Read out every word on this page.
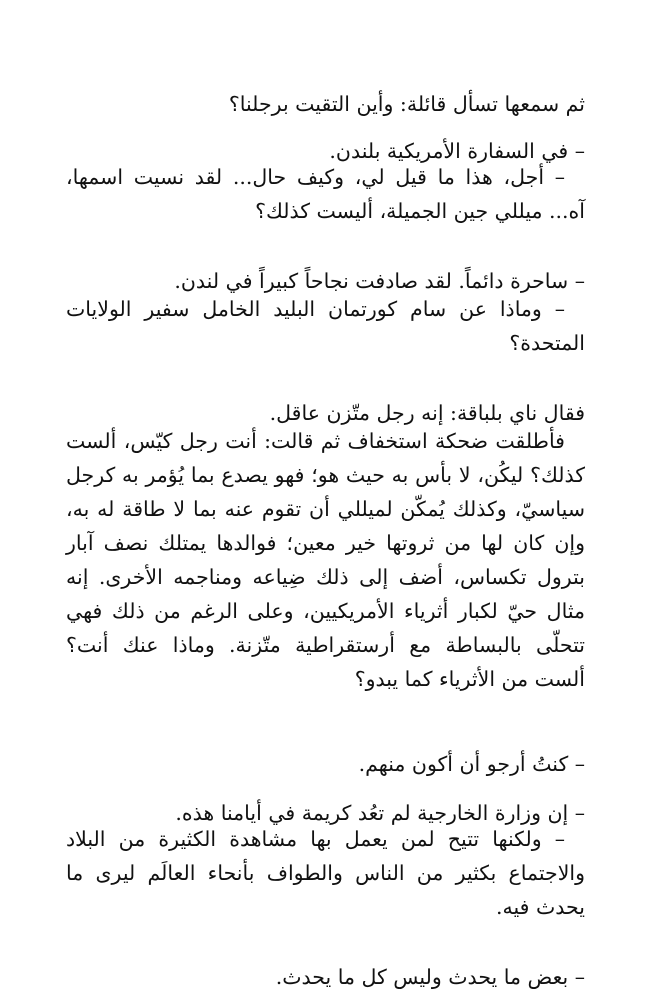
ثم سمعها تسأل قائلة: وأين التقيت برجلنا؟

– في السفارة الأمريكية بلندن.

– أجل، هذا ما قيل لي، وكيف حال... لقد نسيت اسمها، آه... ميللي جين الجميلة، أليست كذلك؟

– ساحرة دائماً. لقد صادفت نجاحاً كبيراً في لندن.

– وماذا عن سام كورتمان البليد الخامل سفير الولايات المتحدة؟

فقال ناي بلباقة: إنه رجل متّزن عاقل.

فأطلقت ضحكة استخفاف ثم قالت: أنت رجل كيّس، ألست كذلك؟ ليكُن، لا بأس به حيث هو؛ فهو يصدع بما يُؤمر به كرجل سياسيّ، وكذلك يُمكّن لميللي أن تقوم عنه بما لا طاقة له به، وإن كان لها من ثروتها خير معين؛ فوالدها يمتلك نصف آبار بترول تكساس، أضف إلى ذلك ضِياعه ومناجمه الأخرى. إنه مثال حيّ لكبار أثرياء الأمريكيين، وعلى الرغم من ذلك فهي تتحلّى بالبساطة مع أرستقراطية متّزنة. وماذا عنك أنت؟ ألست من الأثرياء كما يبدو؟

– كنتُ أرجو أن أكون منهم.

– إن وزارة الخارجية لم تعُد كريمة في أيامنا هذه.

– ولكنها تتيح لمن يعمل بها مشاهدة الكثيرة من البلاد والاجتماع بكثير من الناس والطواف بأنحاء العالَم ليرى ما يحدث فيه.

– بعض ما يحدث وليس كل ما يحدث.
